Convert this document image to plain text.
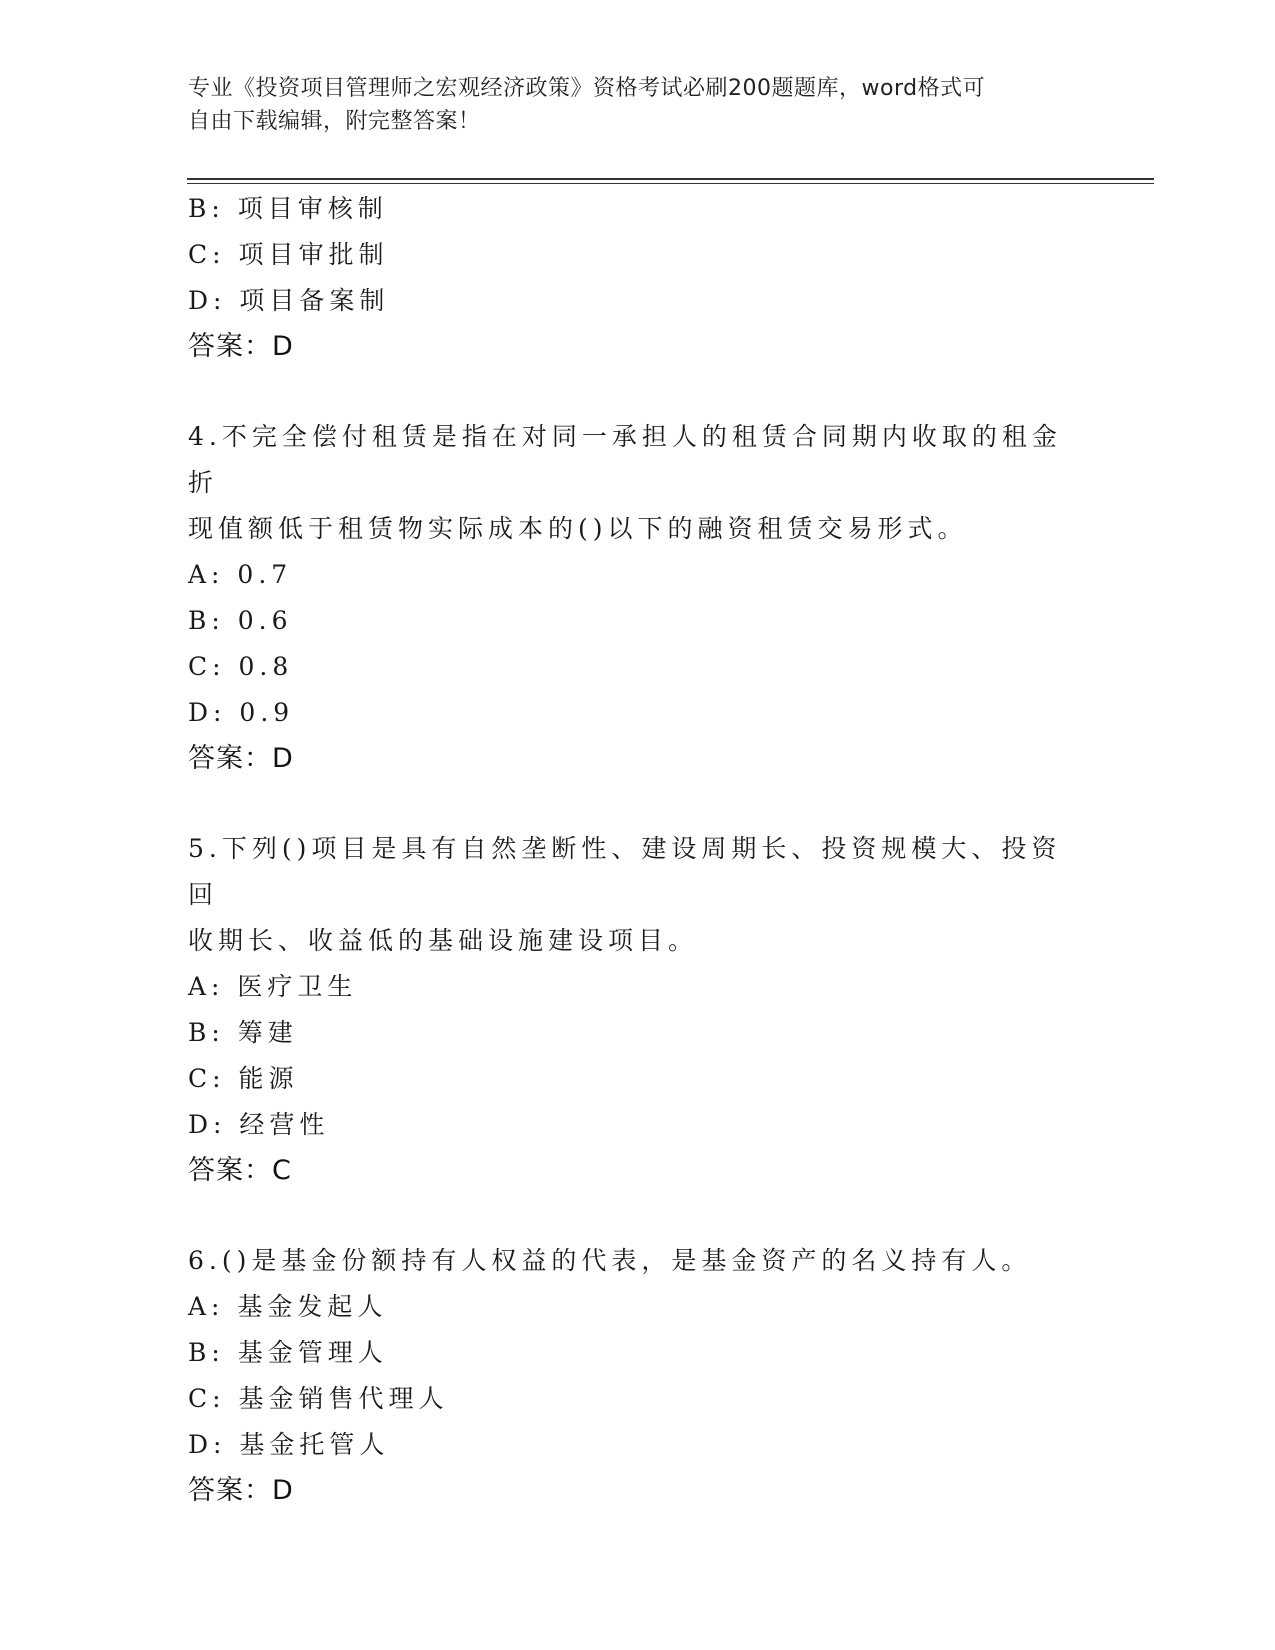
专业《投资项目管理师之宏观经济政策》资格考试必刷200题题库，word格式可
自由下载编辑，附完整答案！
B: 项目审核制
C: 项目审批制
D: 项目备案制
答案：D
4.不完全偿付租赁是指在对同一承担人的租赁合同期内收取的租金折
现值额低于租赁物实际成本的()以下的融资租赁交易形式。
A: 0.7
B: 0.6
C: 0.8
D: 0.9
答案：D
5.下列()项目是具有自然垄断性、建设周期长、投资规模大、投资回
收期长、收益低的基础设施建设项目。
A: 医疗卫生
B: 筹建
C: 能源
D: 经营性
答案：C
6.()是基金份额持有人权益的代表，是基金资产的名义持有人。
A: 基金发起人
B: 基金管理人
C: 基金销售代理人
D: 基金托管人
答案：D
